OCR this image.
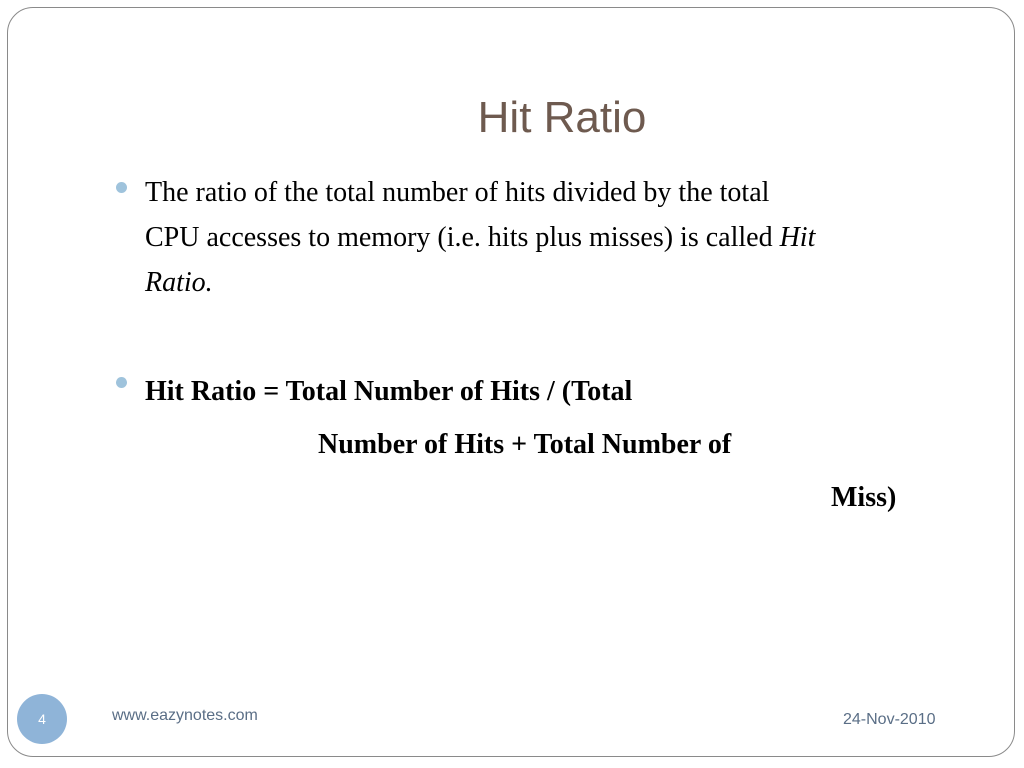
Hit Ratio
The ratio of the total number of hits divided by the total
CPU accesses to memory (i.e. hits plus misses) is called Hit
Ratio.
Hit Ratio = Total Number of Hits / (Total
Number of Hits + Total Number of
Miss)
4	www.eazynotes.com	24-Nov-2010
